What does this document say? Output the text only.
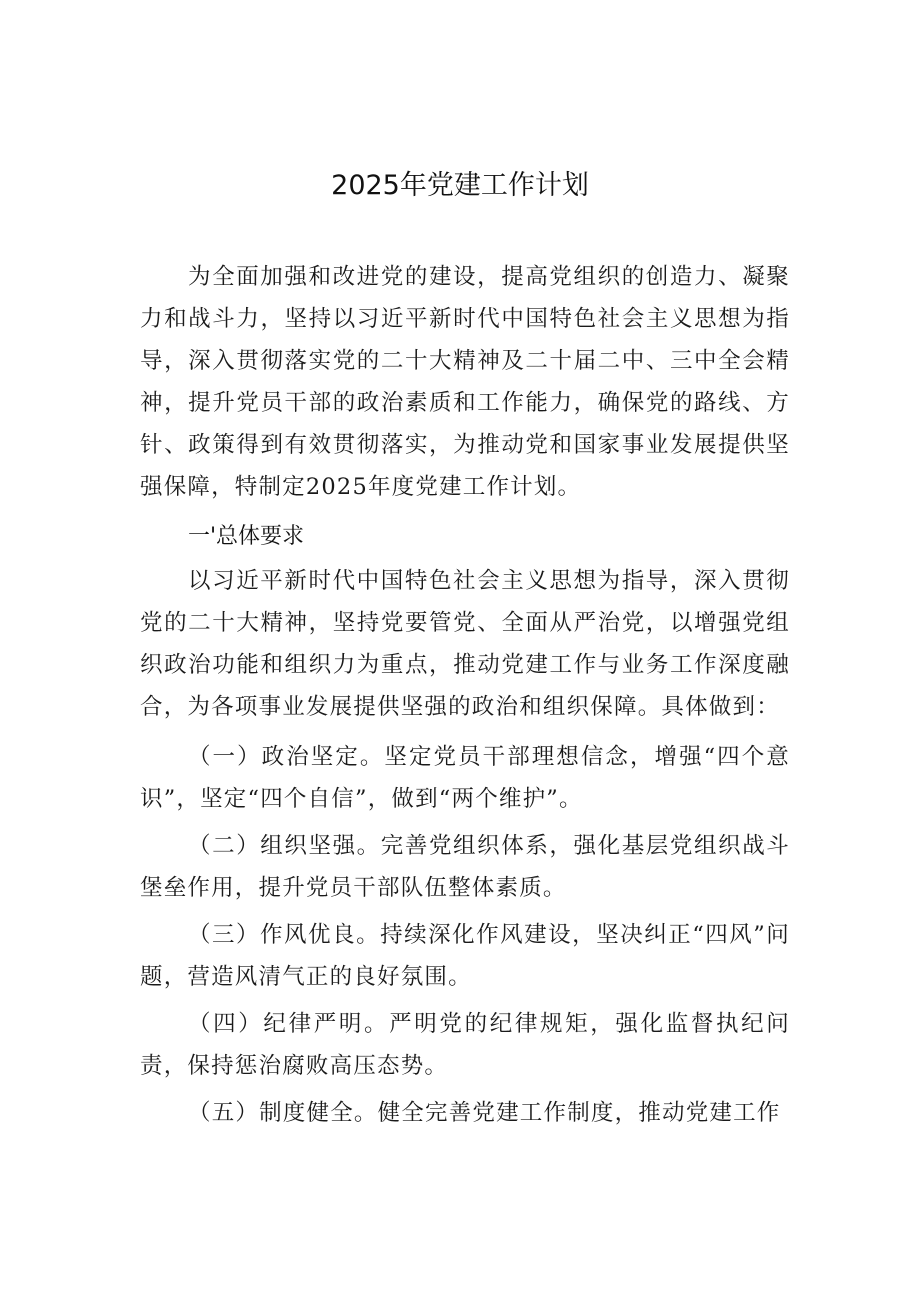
2025年党建工作计划

为全面加强和改进党的建设，提高党组织的创造力、凝聚力和战斗力，坚持以习近平新时代中国特色社会主义思想为指导，深入贯彻落实党的二十大精神及二十届二中、三中全会精神，提升党员干部的政治素质和工作能力，确保党的路线、方针、政策得到有效贯彻落实，为推动党和国家事业发展提供坚强保障，特制定2025年度党建工作计划。

一'总体要求

以习近平新时代中国特色社会主义思想为指导，深入贯彻党的二十大精神，坚持党要管党、全面从严治党，以增强党组织政治功能和组织力为重点，推动党建工作与业务工作深度融合，为各项事业发展提供坚强的政治和组织保障。具体做到：

（一）政治坚定。坚定党员干部理想信念，增强“四个意识”，坚定“四个自信”，做到“两个维护”。

（二）组织坚强。完善党组织体系，强化基层党组织战斗堡垒作用，提升党员干部队伍整体素质。

（三）作风优良。持续深化作风建设，坚决纠正“四风”问题，营造风清气正的良好氛围。

（四）纪律严明。严明党的纪律规矩，强化监督执纪问责，保持惩治腐败高压态势。

（五）制度健全。健全完善党建工作制度，推动党建工作
